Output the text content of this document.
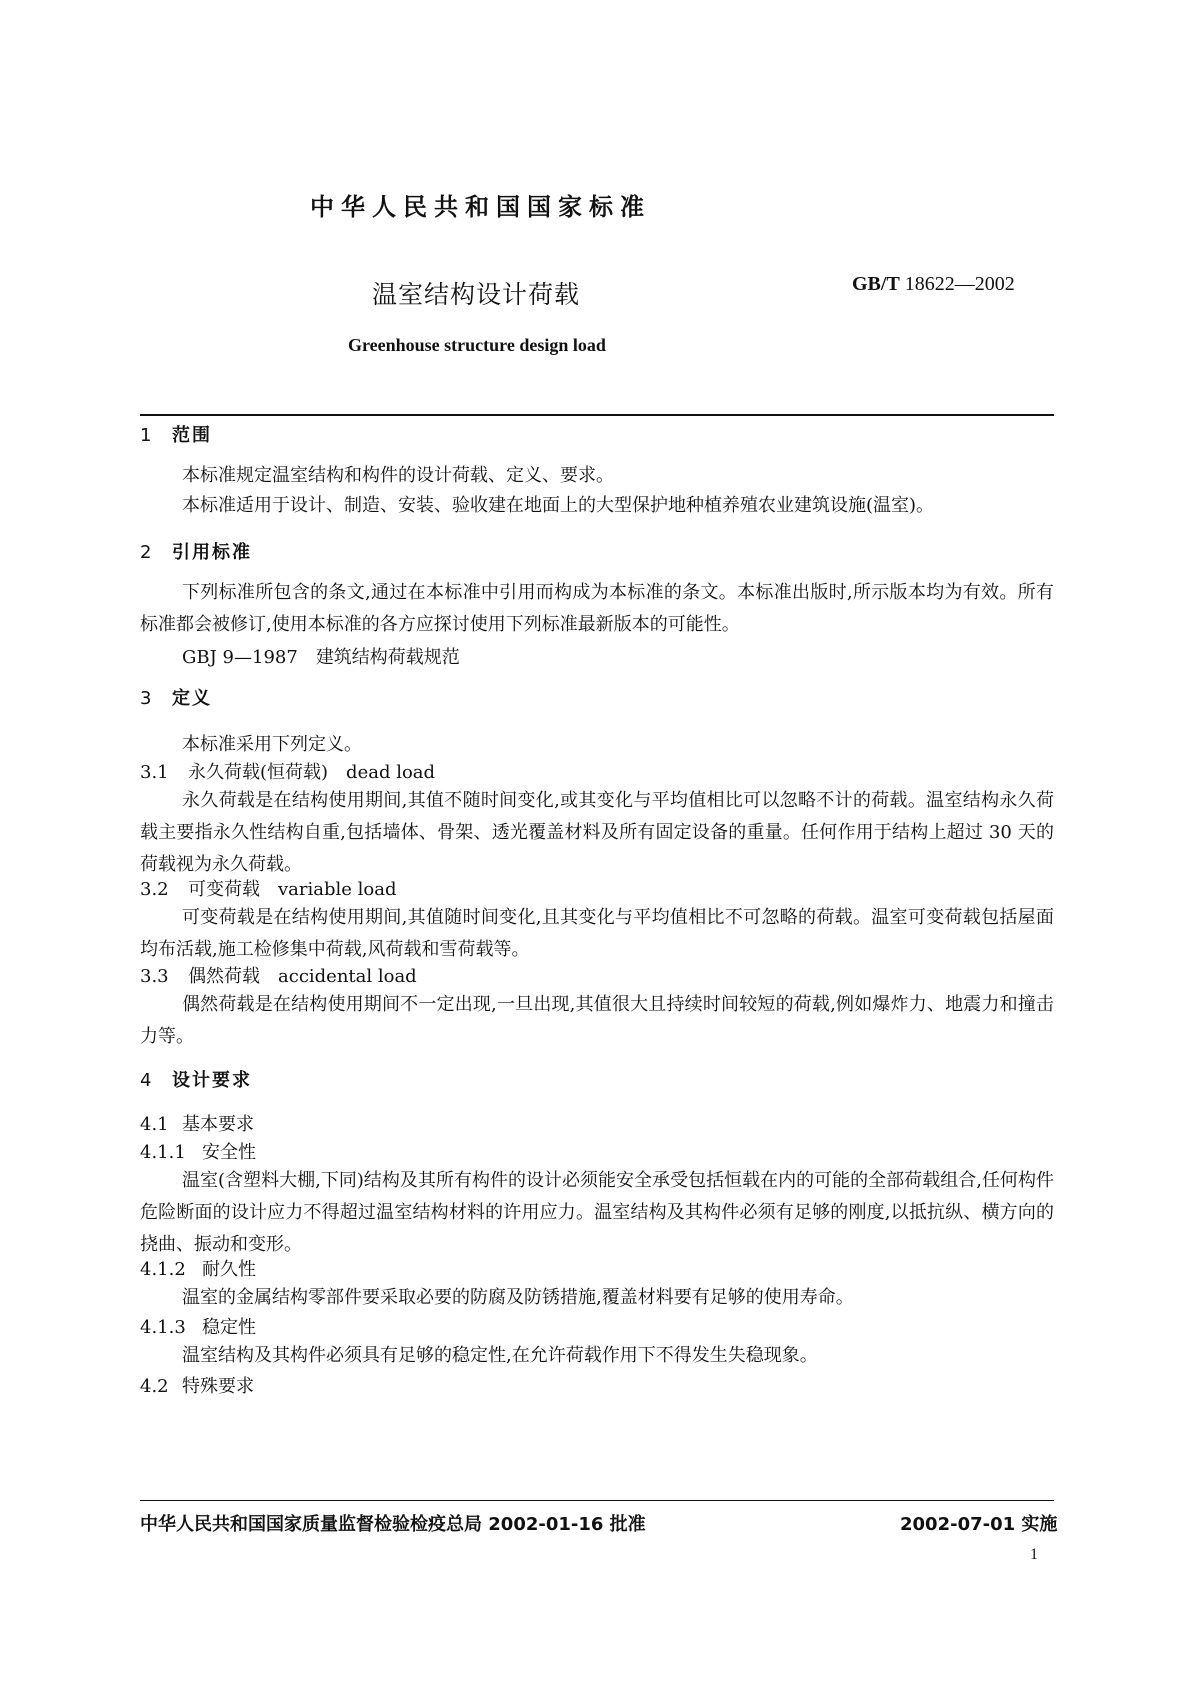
中华人民共和国国家标准
温室结构设计荷载	GB/T 18622—2002
Greenhouse structure design load
1 范围
本标准规定温室结构和构件的设计荷载、定义、要求。
本标准适用于设计、制造、安装、验收建在地面上的大型保护地种植养殖农业建筑设施(温室)。
2 引用标准
下列标准所包含的条文,通过在本标准中引用而构成为本标准的条文。本标准出版时,所示版本均为有效。所有标准都会被修订,使用本标准的各方应探讨使用下列标准最新版本的可能性。
GBJ 9—1987 建筑结构荷载规范
3 定义
本标准采用下列定义。
3.1 永久荷载(恒荷载) dead load
永久荷载是在结构使用期间,其值不随时间变化,或其变化与平均值相比可以忽略不计的荷载。温室结构永久荷载主要指永久性结构自重,包括墙体、骨架、透光覆盖材料及所有固定设备的重量。任何作用于结构上超过 30 天的荷载视为永久荷载。
3.2 可变荷载 variable load
可变荷载是在结构使用期间,其值随时间变化,且其变化与平均值相比不可忽略的荷载。温室可变荷载包括屋面均布活载,施工检修集中荷载,风荷载和雪荷载等。
3.3 偶然荷载 accidental load
偶然荷载是在结构使用期间不一定出现,一旦出现,其值很大且持续时间较短的荷载,例如爆炸力、地震力和撞击力等。
4 设计要求
4.1 基本要求
4.1.1 安全性
温室(含塑料大棚,下同)结构及其所有构件的设计必须能安全承受包括恒载在内的可能的全部荷载组合,任何构件危险断面的设计应力不得超过温室结构材料的许用应力。温室结构及其构件必须有足够的刚度,以抵抗纵、横方向的挠曲、振动和变形。
4.1.2 耐久性
温室的金属结构零部件要采取必要的防腐及防锈措施,覆盖材料要有足够的使用寿命。
4.1.3 稳定性
温室结构及其构件必须具有足够的稳定性,在允许荷载作用下不得发生失稳现象。
4.2 特殊要求
中华人民共和国国家质量监督检验检疫总局 2002-01-16 批准	2002-07-01 实施
1
